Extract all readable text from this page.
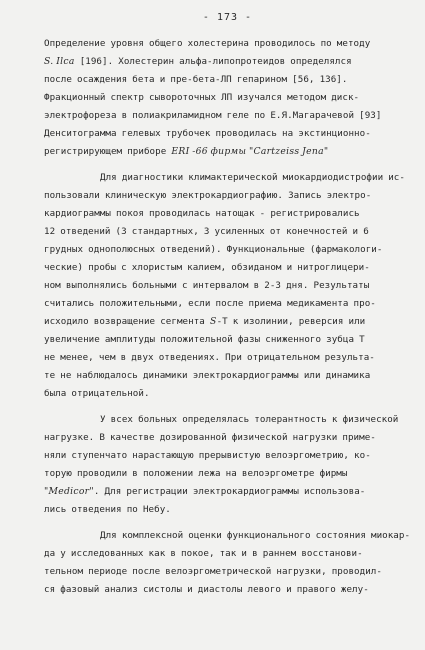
- 173 -

Определение уровня общего холестерина проводилось по методу
S. Ilca [196]. Холестерин альфа-липопротеидов определялся
после осаждения бета и пре-бета-ЛП гепарином [56, 136].
Фракционный спектр сывороточных ЛП изучался методом диск-
электрофореза в полиакриламидном геле по Е.Я.Магарачевой [93]
Денситограмма гелевых трубочек проводилась на экстинционно-
регистрирующем приборе ERI -66 фирмы "Cartzeiss Jena"

Для диагностики климактерической миокардиодистрофии ис-
пользовали клиническую электрокардиографию. Запись электро-
кардиограммы покоя проводилась натощак - регистрировались
12 отведений (3 стандартных, 3 усиленных от конечностей и 6
грудных однополюсных отведений). Функциональные (фармакологи-
ческие) пробы с хлористым калием, обзиданом и нитроглицери-
ном выполнялись больными с интервалом в 2-3 дня. Результаты
считались положительными, если после приема медикамента про-
исходило возвращение сегмента S-Т к изолинии, реверсия или
увеличение амплитуды положительной фазы сниженного зубца Т
не менее, чем в двух отведениях. При отрицательном результа-
те не наблюдалось динамики электрокардиограммы или динамика
была отрицательной.

У всех больных определялась толерантность к физической
нагрузке. В качестве дозированной физической нагрузки приме-
няли ступенчато нарастающую прерывистую велоэргометрию, ко-
торую проводили в положении лежа на велоэргометре фирмы
"Medicor". Для регистрации электрокардиограммы использова-
лись отведения по Небу.

Для комплексной оценки функционального состояния миокар-
да у исследованных как в покое, так и в раннем восстанови-
тельном периоде после велоэргометрической нагрузки, проводил-
ся фазовый анализ систолы и диастолы левого и правого желу-
